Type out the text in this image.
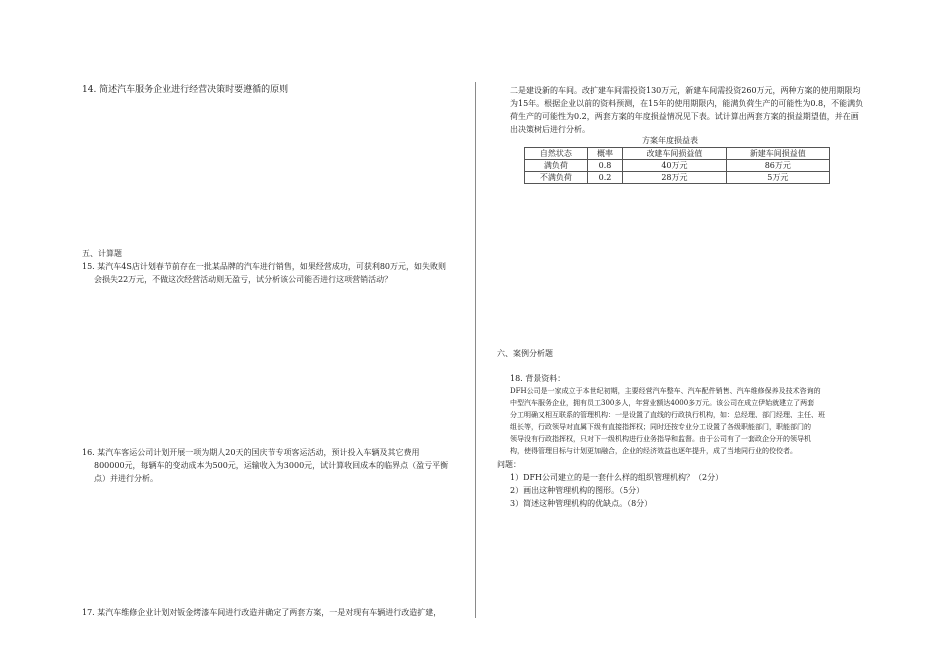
14. 简述汽车服务企业进行经营决策时要遵循的原则
五、计算题
15. 某汽车4S店计划春节前存在一批某品牌的汽车进行销售，如果经营成功，可获利80万元，如失败则
会损失22万元，不做这次经营活动则无盈亏，试分析该公司能否进行这项营销活动？
16. 某汽车客运公司计划开展一项为期人20天的国庆节专项客运活动，预计投入车辆及其它费用
800000元，每辆车的变动成本为500元，运输收入为3000元，试计算收回成本的临界点（盈亏平衡
点）并进行分析。
17. 某汽车维修企业计划对钣金烤漆车间进行改造并确定了两套方案，一是对现有车辆进行改造扩建，
二是建设新的车间。改扩建车间需投资130万元，新建车间需投资260万元，两种方案的使用期限均
为15年。根据企业以前的资料预测，在15年的使用期限内，能满负荷生产的可能性为0.8，不能满负
荷生产的可能性为0.2，两套方案的年度损益情况见下表。试计算出两套方案的损益期望值，并在画
出决策树后进行分析。
方案年度损益表
自然状态	概率	改建车间损益值	新建车间损益值
满负荷	0.8	40万元	86万元
不满负荷	0.2	28万元	5万元
六、案例分析题
18. 背景资料：
DFH公司是一家成立于本世纪初期，主要经营汽车整车、汽车配件销售、汽车维修保养及技术咨询的
中型汽车服务企业，拥有员工300多人，年营业额达4000多万元。该公司在成立伊始就建立了两套
分工明确又相互联系的管理机构：一是设置了直线的行政执行机构，如：总经理、部门经理、主任、班
组长等，行政领导对直属下级有直接指挥权；同时还按专业分工设置了各级职能部门，职能部门的
领导没有行政指挥权，只对下一级机构进行业务指导和监督。由于公司有了一套政企分开的领导机
构，使得管理目标与计划更加融合，企业的经济效益也逐年提升，成了当地同行业的佼佼者。
问题：
1）DFH公司建立的是一套什么样的组织管理机构？（2分）
2）画出这种管理机构的图形。（5分）
3）简述这种管理机构的优缺点。（8分）
